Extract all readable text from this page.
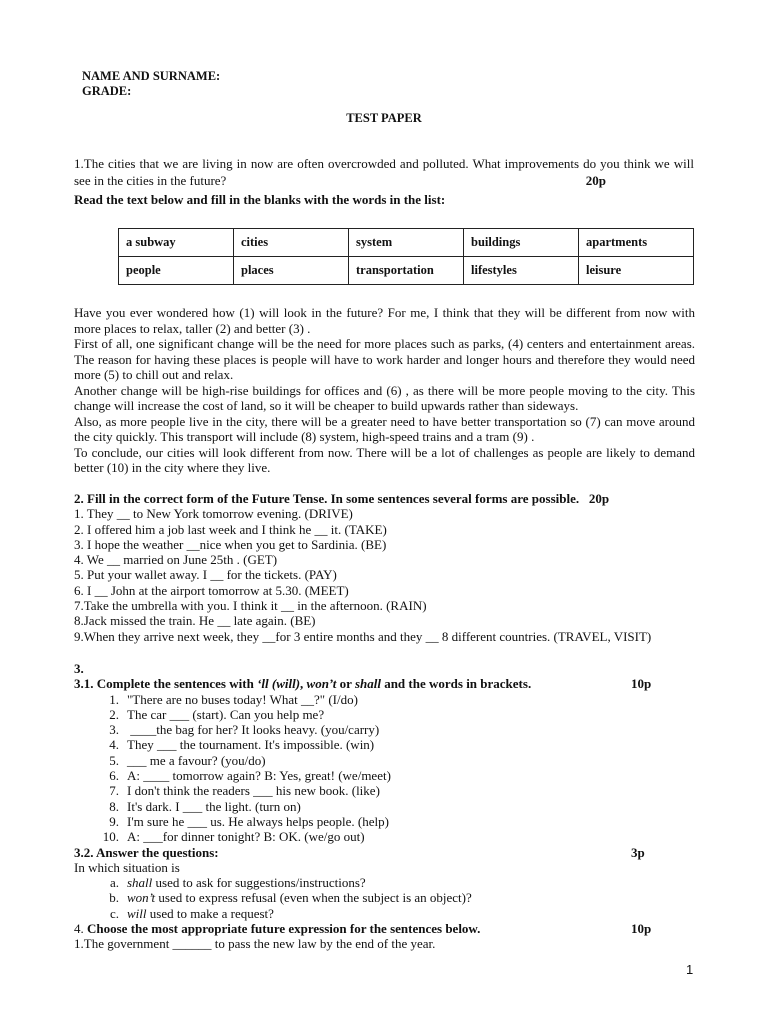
NAME AND SURNAME:
GRADE:
TEST PAPER
1.The cities that we are living in now are often overcrowded and polluted. What improvements do you think we will see in the cities in the future?	20p
Read the text below and fill in the blanks with the words in the list:
a subway	cities	system	buildings	apartments
people	places	transportation	lifestyles	leisure

Have you ever wondered how (1) will look in the future? For me, I think that they will be different from now with more places to relax, taller (2) and better (3) .

First of all, one significant change will be the need for more places such as parks, (4) centers and entertainment areas. The reason for having these places is people will have to work harder and longer hours and therefore they would need more (5) to chill out and relax.

Another change will be high-rise buildings for offices and (6) , as there will be more people moving to the city. This change will increase the cost of land, so it will be cheaper to build upwards rather than sideways.

Also, as more people live in the city, there will be a greater need to have better transportation so (7) can move around the city quickly. This transport will include (8) system, high-speed trains and a tram (9) .

To conclude, our cities will look different from now. There will be a lot of challenges as people are likely to demand better (10) in the city where they live.

2. Fill in the correct form of the Future Tense. In some sentences several forms are possible. 20p
1. They __ to New York tomorrow evening. (DRIVE)
2. I offered him a job last week and I think he __ it. (TAKE)
3. I hope the weather __nice when you get to Sardinia. (BE)
4. We __ married on June 25th . (GET)
5. Put your wallet away. I __ for the tickets. (PAY)
6. I __ John at the airport tomorrow at 5.30. (MEET)
7.Take the umbrella with you. I think it __ in the afternoon. (RAIN)
8.Jack missed the train. He __ late again. (BE)
9.When they arrive next week, they __for 3 entire months and they __ 8 different countries. (TRAVEL, VISIT)
3.
3.1. Complete the sentences with ‘ll (will), won’t or shall and the words in brackets.	10p
1. "There are no buses today! What __?" (I/do)
2. The car ___ (start). Can you help me?
3. ____the bag for her? It looks heavy. (you/carry)
4. They ___ the tournament. It's impossible. (win)
5. ___ me a favour? (you/do)
6. A: ____ tomorrow again? B: Yes, great! (we/meet)
7. I don't think the readers ___ his new book. (like)
8. It's dark. I ___ the light. (turn on)
9. I'm sure he ___ us. He always helps people. (help)
10. A: ___for dinner tonight? B: OK. (we/go out)
3.2. Answer the questions:	3p
In which situation is
a. shall used to ask for suggestions/instructions?
b. won’t used to express refusal (even when the subject is an object)?
c. will used to make a request?
4. Choose the most appropriate future expression for the sentences below.	10p
1.The government ______ to pass the new law by the end of the year.
1
